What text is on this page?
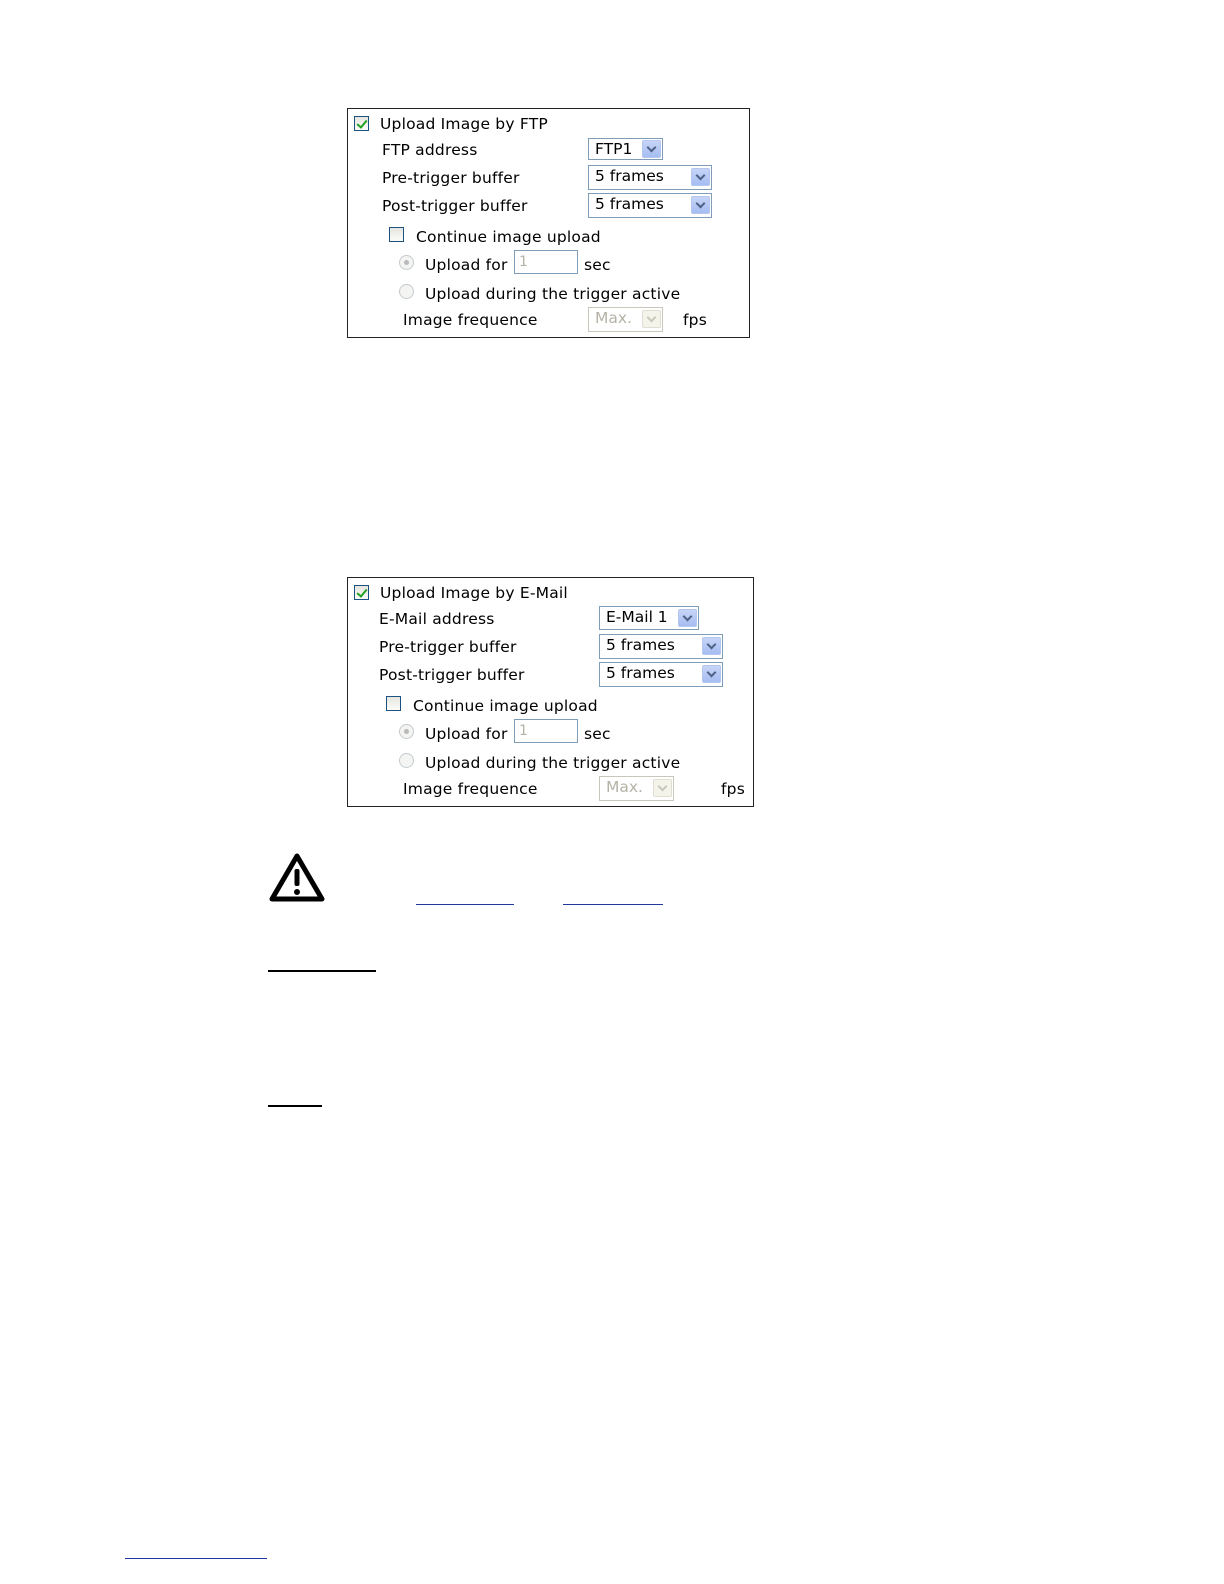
Upload Image by FTP
FTP address	FTP1
Pre-trigger buffer	5 frames
Post-trigger buffer	5 frames
Continue image upload
Upload for 1	sec
Upload during the trigger active
Image frequence	Max.	fps
Upload Image by E-Mail
E-Mail address	E-Mail 1
Pre-trigger buffer	5 frames
Post-trigger buffer	5 frames
Continue image upload
Upload for 1	sec
Upload during the trigger active
Image frequence	Max.	fps
